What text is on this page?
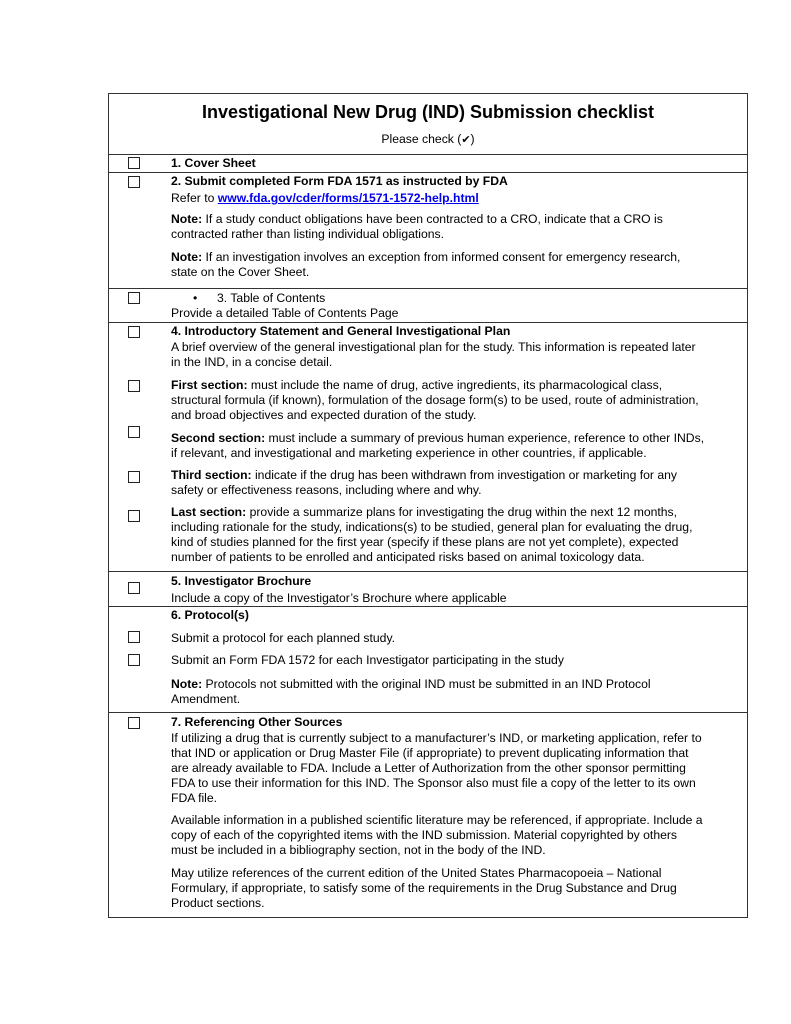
Investigational New Drug (IND) Submission checklist
Please check (✔)
1. Cover Sheet
2. Submit completed Form FDA 1571 as instructed by FDA
Refer to www.fda.gov/cder/forms/1571-1572-help.html
Note: If a study conduct obligations have been contracted to a CRO, indicate that a CRO is
contracted rather than listing individual obligations.
Note: If an investigation involves an exception from informed consent for emergency research,
state on the Cover Sheet.
• 3. Table of Contents
Provide a detailed Table of Contents Page
4. Introductory Statement and General Investigational Plan
A brief overview of the general investigational plan for the study. This information is repeated later
in the IND, in a concise detail.
First section: must include the name of drug, active ingredients, its pharmacological class,
structural formula (if known), formulation of the dosage form(s) to be used, route of administration,
and broad objectives and expected duration of the study.
Second section: must include a summary of previous human experience, reference to other INDs,
if relevant, and investigational and marketing experience in other countries, if applicable.
Third section: indicate if the drug has been withdrawn from investigation or marketing for any
safety or effectiveness reasons, including where and why.
Last section: provide a summarize plans for investigating the drug within the next 12 months,
including rationale for the study, indications(s) to be studied, general plan for evaluating the drug,
kind of studies planned for the first year (specify if these plans are not yet complete), expected
number of patients to be enrolled and anticipated risks based on animal toxicology data.
5. Investigator Brochure
Include a copy of the Investigator’s Brochure where applicable
6. Protocol(s)
Submit a protocol for each planned study.
Submit an Form FDA 1572 for each Investigator participating in the study
Note: Protocols not submitted with the original IND must be submitted in an IND Protocol
Amendment.
7. Referencing Other Sources
If utilizing a drug that is currently subject to a manufacturer’s IND, or marketing application, refer to
that IND or application or Drug Master File (if appropriate) to prevent duplicating information that
are already available to FDA. Include a Letter of Authorization from the other sponsor permitting
FDA to use their information for this IND. The Sponsor also must file a copy of the letter to its own
FDA file.
Available information in a published scientific literature may be referenced, if appropriate. Include a
copy of each of the copyrighted items with the IND submission. Material copyrighted by others
must be included in a bibliography section, not in the body of the IND.
May utilize references of the current edition of the United States Pharmacopoeia – National
Formulary, if appropriate, to satisfy some of the requirements in the Drug Substance and Drug
Product sections.
